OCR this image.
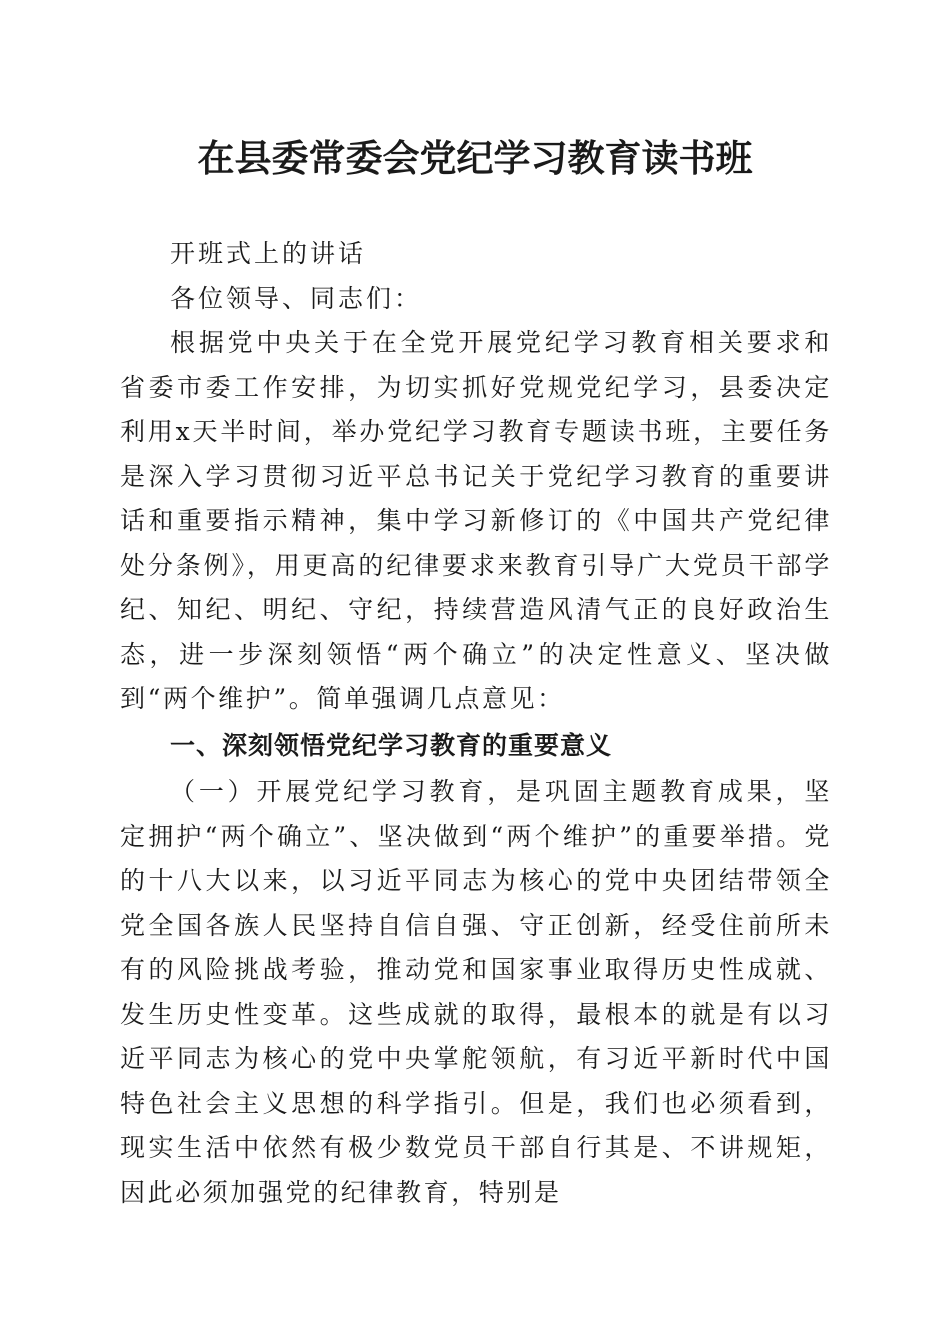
在县委常委会党纪学习教育读书班

开班式上的讲话

各位领导、同志们：

根据党中央关于在全党开展党纪学习教育相关要求和省委市委工作安排，为切实抓好党规党纪学习，县委决定利用x天半时间，举办党纪学习教育专题读书班，主要任务是深入学习贯彻习近平总书记关于党纪学习教育的重要讲话和重要指示精神，集中学习新修订的《中国共产党纪律处分条例》，用更高的纪律要求来教育引导广大党员干部学纪、知纪、明纪、守纪，持续营造风清气正的良好政治生态，进一步深刻领悟“两个确立”的决定性意义、坚决做到“两个维护”。简单强调几点意见：

一、深刻领悟党纪学习教育的重要意义

（一）开展党纪学习教育，是巩固主题教育成果，坚定拥护“两个确立”、坚决做到“两个维护”的重要举措。党的十八大以来，以习近平同志为核心的党中央团结带领全党全国各族人民坚持自信自强、守正创新，经受住前所未有的风险挑战考验，推动党和国家事业取得历史性成就、发生历史性变革。这些成就的取得，最根本的就是有以习近平同志为核心的党中央掌舵领航，有习近平新时代中国特色社会主义思想的科学指引。但是，我们也必须看到，现实生活中依然有极少数党员干部自行其是、不讲规矩，因此必须加强党的纪律教育，特别是
